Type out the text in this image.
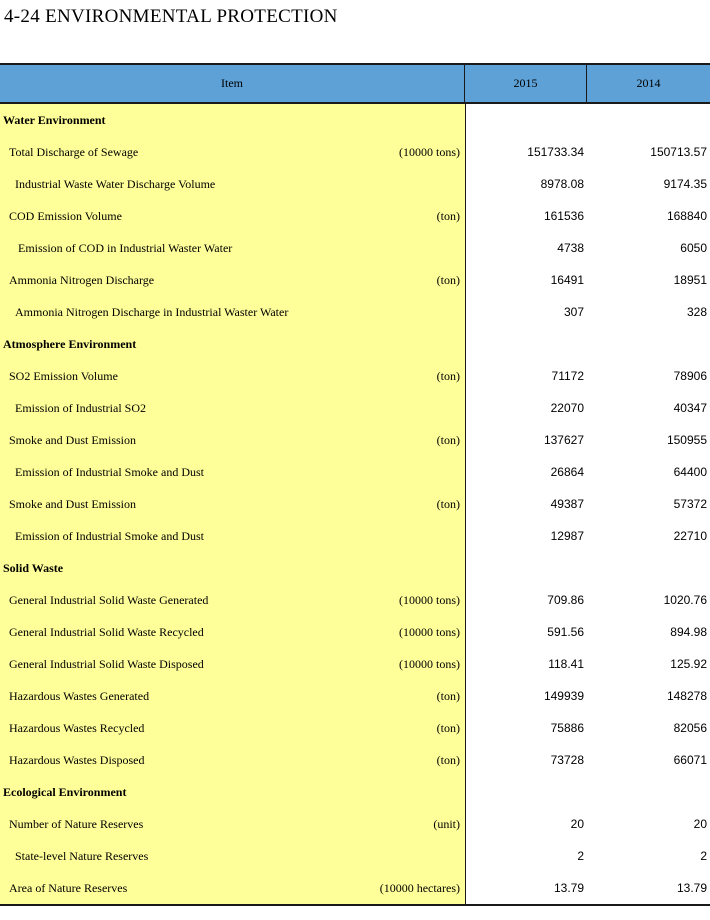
4-24 ENVIRONMENTAL PROTECTION
Item	2015	2014
Water Environment
Total Discharge of Sewage	(10000 tons)	151733.34	150713.57
Industrial Waste Water Discharge Volume	8978.08	9174.35
COD Emission Volume	(ton)	161536	168840
Emission of COD in Industrial Waster Water	4738	6050
Ammonia Nitrogen Discharge	(ton)	16491	18951
Ammonia Nitrogen Discharge in Industrial Waster Water	307	328
Atmosphere Environment
SO2 Emission Volume	(ton)	71172	78906
Emission of Industrial SO2	22070	40347
Smoke and Dust Emission	(ton)	137627	150955
Emission of Industrial Smoke and Dust	26864	64400
Smoke and Dust Emission	(ton)	49387	57372
Emission of Industrial Smoke and Dust	12987	22710
Solid Waste
General Industrial Solid Waste Generated	(10000 tons)	709.86	1020.76
General Industrial Solid Waste Recycled	(10000 tons)	591.56	894.98
General Industrial Solid Waste Disposed	(10000 tons)	118.41	125.92
Hazardous Wastes Generated	(ton)	149939	148278
Hazardous Wastes Recycled	(ton)	75886	82056
Hazardous Wastes Disposed	(ton)	73728	66071
Ecological Environment
Number of Nature Reserves	(unit)	20	20
State-level Nature Reserves	2	2
Area of Nature Reserves	(10000 hectares)	13.79	13.79
